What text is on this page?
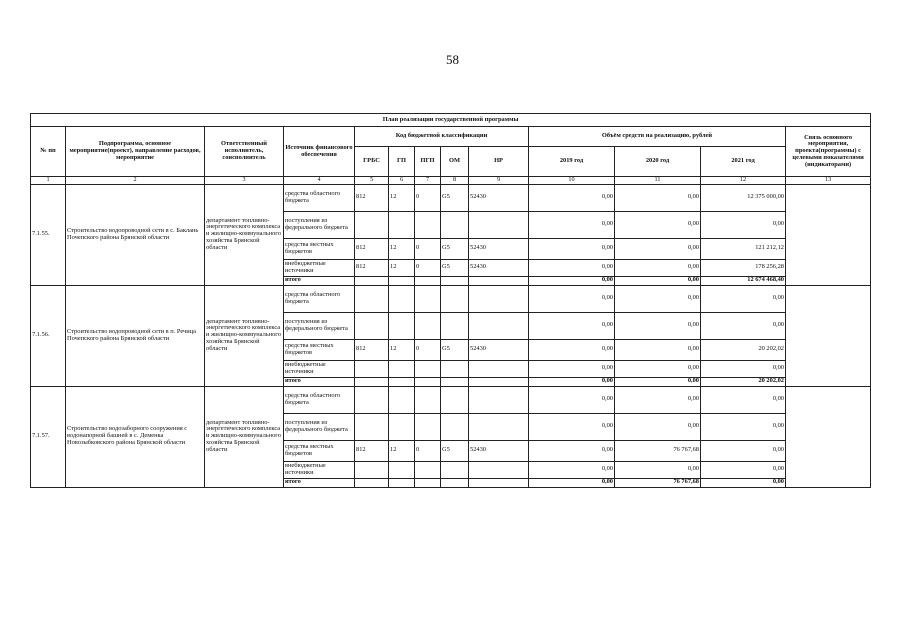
58
План реализации государственной программы												
№ пп	Подпрограмма, основное мероприятие(проект), направление расходов, мероприятие	Ответственный исполнитель, соисполнитель	Источник финансового обеспечения	Код бюджетной классификации					Объём средств на реализацию, рублей			Связь основного мероприятия, проекта(программы) с целевыми показателями (индикаторами)
				ГРБС	ГП	ПГП	ОМ	НР	2019 год	2020 год	2021 год	
1	2	3	4	5	6	7	8	9	10	11	12	13
7.1.55.	Строительство водопроводной сети в с. Баклань Почепского района Брянской области	департамент топливно-энергетического комплекса и жилищно-коммунального хозяйства Брянской области	средства областного бюджета	812	12	0	G5	52430	0,00	0,00	12 375 000,00	
			поступления из федерального бюджета						0,00	0,00	0,00	
			средства местных бюджетов	812	12	0	G5	52430	0,00	0,00	121 212,12	
			внебюджетные источники	812	12	0	G5	52430	0,00	0,00	178 256,28	
			итого						0,00	0,00	12 674 468,40	
7.1.56.	Строительство водопроводной сети в п. Речица Почепского района Брянской области	департамент топливно-энергетического комплекса и жилищно-коммунального хозяйства Брянской области	средства областного бюджета						0,00	0,00	0,00	
			поступления из федерального бюджета						0,00	0,00	0,00	
			средства местных бюджетов	812	12	0	G5	52430	0,00	0,00	20 202,02	
			внебюджетные источники						0,00	0,00	0,00	
			итого						0,00	0,00	20 202,02	
7.1.57.	Строительство водозаборного сооружения с водонапорной башней в с. Деменка Новозыбковского района Брянской области	департамент топливно-энергетического комплекса и жилищно-коммунального хозяйства Брянской области	средства областного бюджета						0,00	0,00	0,00	
			поступления из федерального бюджета						0,00	0,00	0,00	
			средства местных бюджетов	812	12	0	G5	52430	0,00	76 767,68	0,00	
			внебюджетные источники						0,00	0,00	0,00	
			итого						0,00	76 767,68	0,00	
